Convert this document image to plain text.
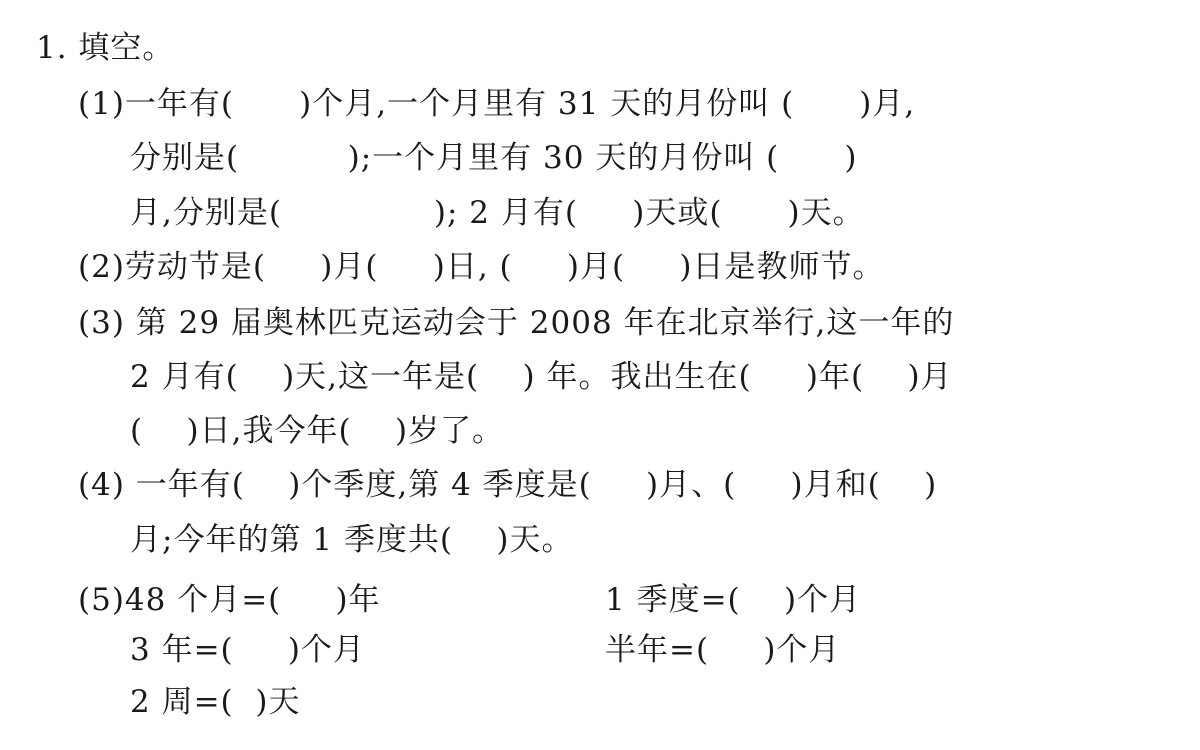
1. 填空。
(1)一年有(      )个月,一个月里有 31 天的月份叫 (      )月,
分别是(          );一个月里有 30 天的月份叫 (      )
月,分别是(              ); 2 月有(     )天或(      )天。
(2)劳动节是(     )月(     )日, (     )月(     )日是教师节。
(3) 第 29 届奥林匹克运动会于 2008 年在北京举行,这一年的
2 月有(    )天,这一年是(    ) 年。我出生在(     )年(    )月
(    )日,我今年(    )岁了。
(4) 一年有(    )个季度,第 4 季度是(     )月、(     )月和(    )
月;今年的第 1 季度共(    )天。
(5)48 个月=(     )年
3 年=(     )个月
2 周=(  )天
1 季度=(    )个月
半年=(     )个月
